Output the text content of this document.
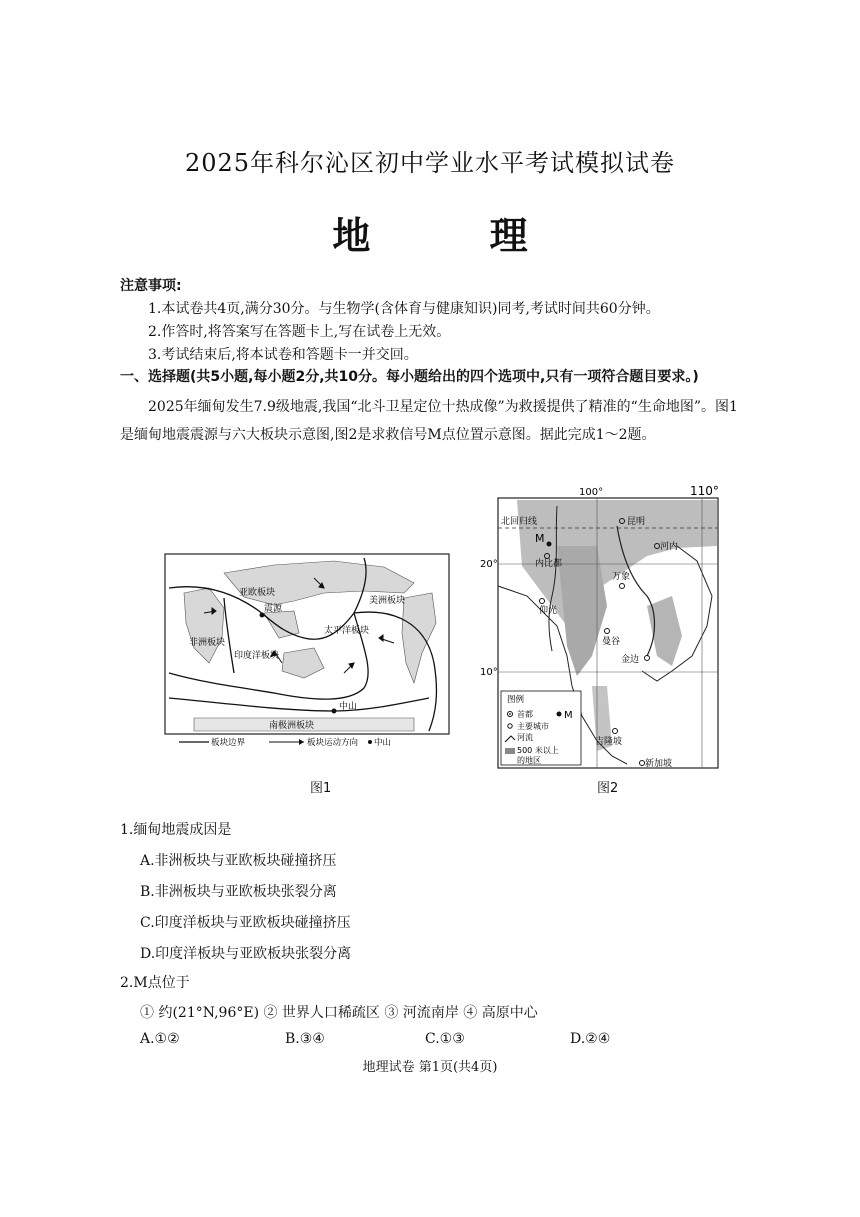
2025年科尔沁区初中学业水平考试模拟试卷
地 理
注意事项:
1.本试卷共4页,满分30分。与生物学(含体育与健康知识)同考,考试时间共60分钟。
2.作答时,将答案写在答题卡上,写在试卷上无效。
3.考试结束后,将本试卷和答题卡一并交回。
一、选择题(共5小题,每小题2分,共10分。每小题给出的四个选项中,只有一项符合题目要求。)
2025年缅甸发生7.9级地震,我国“北斗卫星定位十热成像”为救援提供了精准的“生命地图”。图1是缅甸地震震源与六大板块示意图,图2是求救信号M点位置示意图。据此完成1～2题。
亚欧板块
震源
美洲板块
非洲板块
太平洋板块
印度洋板块
南极洲板块
中山
板块边界	板块运动方向 中山
图1
100°	110°
20°
10°
北回归线	昆明
河内
M
内比都
万象
仰光
曼谷
金边
吉隆坡
新加坡
图例
首都	M
主要城市
河流
500 米以上
的地区
图2
1.缅甸地震成因是
A.非洲板块与亚欧板块碰撞挤压
B.非洲板块与亚欧板块张裂分离
C.印度洋板块与亚欧板块碰撞挤压
D.印度洋板块与亚欧板块张裂分离
2.M点位于
① 约(21°N,96°E) ② 世界人口稀疏区 ③ 河流南岸 ④ 高原中心
A.①②	B.③④	C.①③	D.②④
地理试卷 第1页(共4页)
